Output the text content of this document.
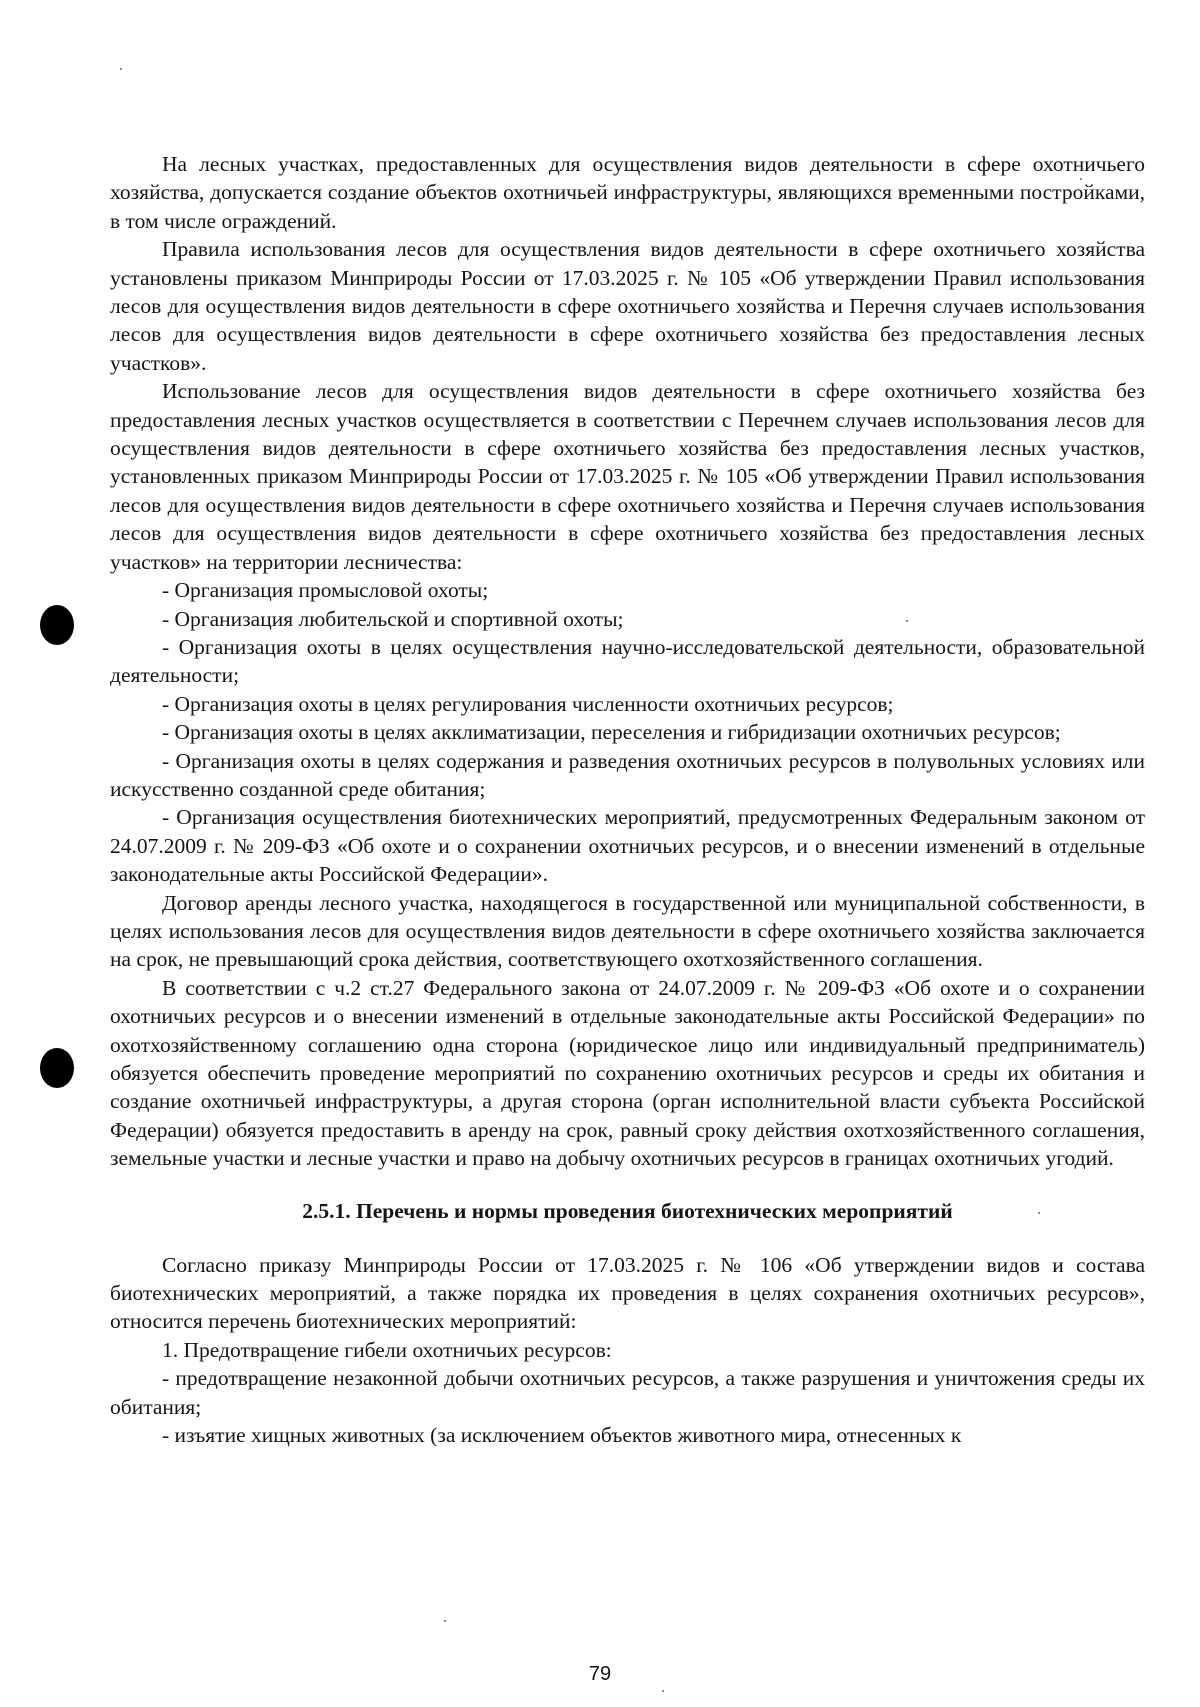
На лесных участках, предоставленных для осуществления видов деятельности в сфере охотничьего хозяйства, допускается создание объектов охотничьей инфраструктуры, являющихся временными постройками, в том числе ограждений.

Правила использования лесов для осуществления видов деятельности в сфере охотничьего хозяйства установлены приказом Минприроды России от 17.03.2025 г. № 105 «Об утверждении Правил использования лесов для осуществления видов деятельности в сфере охотничьего хозяйства и Перечня случаев использования лесов для осуществления видов деятельности в сфере охотничьего хозяйства без предоставления лесных участков».

Использование лесов для осуществления видов деятельности в сфере охотничьего хозяйства без предоставления лесных участков осуществляется в соответствии с Перечнем случаев использования лесов для осуществления видов деятельности в сфере охотничьего хозяйства без предоставления лесных участков, установленных приказом Минприроды России от 17.03.2025 г. № 105 «Об утверждении Правил использования лесов для осуществления видов деятельности в сфере охотничьего хозяйства и Перечня случаев использования лесов для осуществления видов деятельности в сфере охотничьего хозяйства без предоставления лесных участков» на территории лесничества:

- Организация промысловой охоты;

- Организация любительской и спортивной охоты;

- Организация охоты в целях осуществления научно-исследовательской деятельности, образовательной деятельности;

- Организация охоты в целях регулирования численности охотничьих ресурсов;

- Организация охоты в целях акклиматизации, переселения и гибридизации охотничьих ресурсов;

- Организация охоты в целях содержания и разведения охотничьих ресурсов в полувольных условиях или искусственно созданной среде обитания;

- Организация осуществления биотехнических мероприятий, предусмотренных Федеральным законом от 24.07.2009 г. № 209-ФЗ «Об охоте и о сохранении охотничьих ресурсов, и о внесении изменений в отдельные законодательные акты Российской Федерации».

Договор аренды лесного участка, находящегося в государственной или муниципальной собственности, в целях использования лесов для осуществления видов деятельности в сфере охотничьего хозяйства заключается на срок, не превышающий срока действия, соответствующего охотхозяйственного соглашения.

В соответствии с ч.2 ст.27 Федерального закона от 24.07.2009 г. № 209-ФЗ «Об охоте и о сохранении охотничьих ресурсов и о внесении изменений в отдельные законодательные акты Российской Федерации» по охотхозяйственному соглашению одна сторона (юридическое лицо или индивидуальный предприниматель) обязуется обеспечить проведение мероприятий по сохранению охотничьих ресурсов и среды их обитания и создание охотничьей инфраструктуры, а другая сторона (орган исполнительной власти субъекта Российской Федерации) обязуется предоставить в аренду на срок, равный сроку действия охотхозяйственного соглашения, земельные участки и лесные участки и право на добычу охотничьих ресурсов в границах охотничьих угодий.

2.5.1. Перечень и нормы проведения биотехнических мероприятий

Согласно приказу Минприроды России от 17.03.2025 г. № 106 «Об утверждении видов и состава биотехнических мероприятий, а также порядка их проведения в целях сохранения охотничьих ресурсов», относится перечень биотехнических мероприятий:

1. Предотвращение гибели охотничьих ресурсов:

- предотвращение незаконной добычи охотничьих ресурсов, а также разрушения и уничтожения среды их обитания;

- изъятие хищных животных (за исключением объектов животного мира, отнесенных к

79
